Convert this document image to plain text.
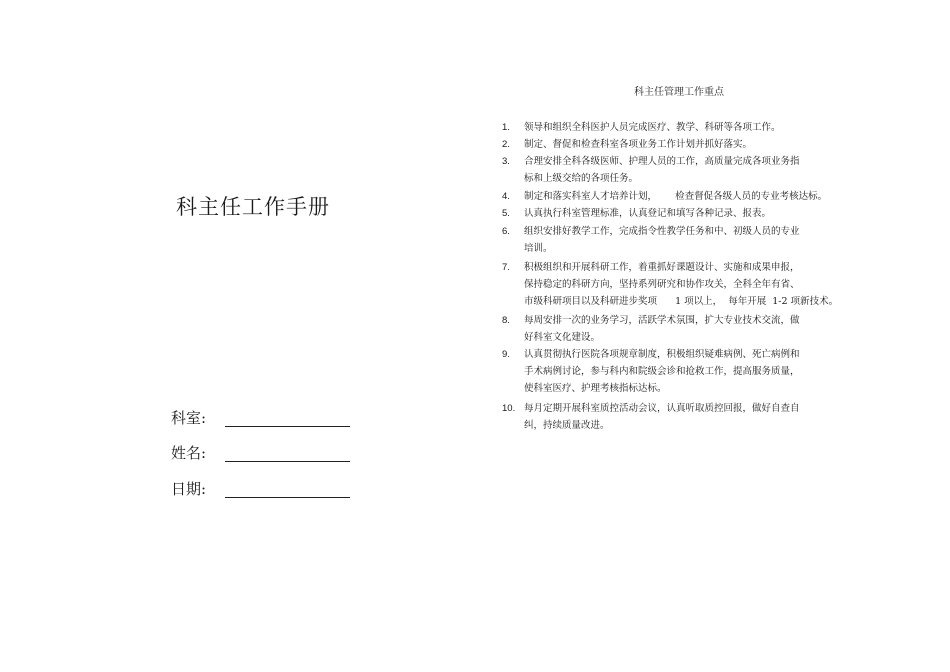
科主任工作手册
科室:
姓名:
日期:
科主任管理工作重点
1.	领导和组织全科医护人员完成医疗、教学、科研等各项工作。
2.	制定、督促和检查科室各项业务工作计划并抓好落实。
3.	合理安排全科各级医师、护理人员的工作，高质量完成各项业务指
标和上级交给的各项任务。
4.	制定和落实科室人才培养计划，      检查督促各级人员的专业考核达标。
5.	认真执行科室管理标准，认真登记和填写各种记录、报表。
6.	组织安排好教学工作，完成指令性教学任务和中、初级人员的专业
培训。
7.	积极组织和开展科研工作，着重抓好课题设计、实施和成果申报，
保持稳定的科研方向，坚持系列研究和协作攻关，全科全年有省、
市级科研项目以及科研进步奖项      1 项以上，  每年开展  1-2 项新技术。
8.	每周安排一次的业务学习，活跃学术氛围，扩大专业技术交流，做
好科室文化建设。
9.	认真贯彻执行医院各项规章制度，积极组织疑难病例、死亡病例和
手术病例讨论，参与科内和院级会诊和抢救工作，提高服务质量，
使科室医疗、护理考核指标达标。
10. 每月定期开展科室质控活动会议，认真听取质控回报，做好自查自
纠，持续质量改进。
